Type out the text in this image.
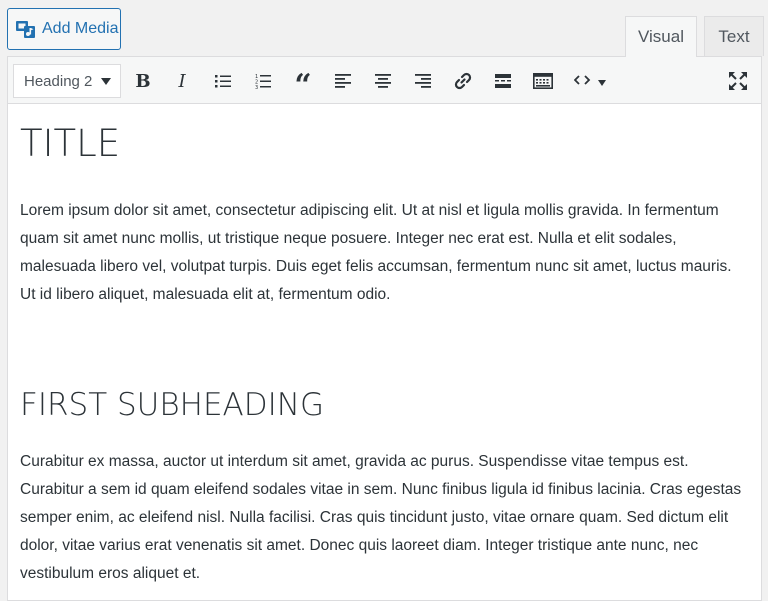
Add Media	Visual	Text
Heading 2 B I	1
2
3 “
TITLE

Lorem ipsum dolor sit amet, consectetur adipiscing elit. Ut at nisl et ligula mollis gravida. In fermentum quam sit amet nunc mollis, ut tristique neque posuere. Integer nec erat est. Nulla et elit sodales, malesuada libero vel, volutpat turpis. Duis eget felis accumsan, fermentum nunc sit amet, luctus mauris. Ut id libero aliquet, malesuada elit at, fermentum odio.

FIRST SUBHEADING

Curabitur ex massa, auctor ut interdum sit amet, gravida ac purus. Suspendisse vitae tempus est. Curabitur a sem id quam eleifend sodales vitae in sem. Nunc finibus ligula id finibus lacinia. Cras egestas semper enim, ac eleifend nisl. Nulla facilisi. Cras quis tincidunt justo, vitae ornare quam. Sed dictum elit dolor, vitae varius erat venenatis sit amet. Donec quis laoreet diam. Integer tristique ante nunc, nec vestibulum eros aliquet et.
